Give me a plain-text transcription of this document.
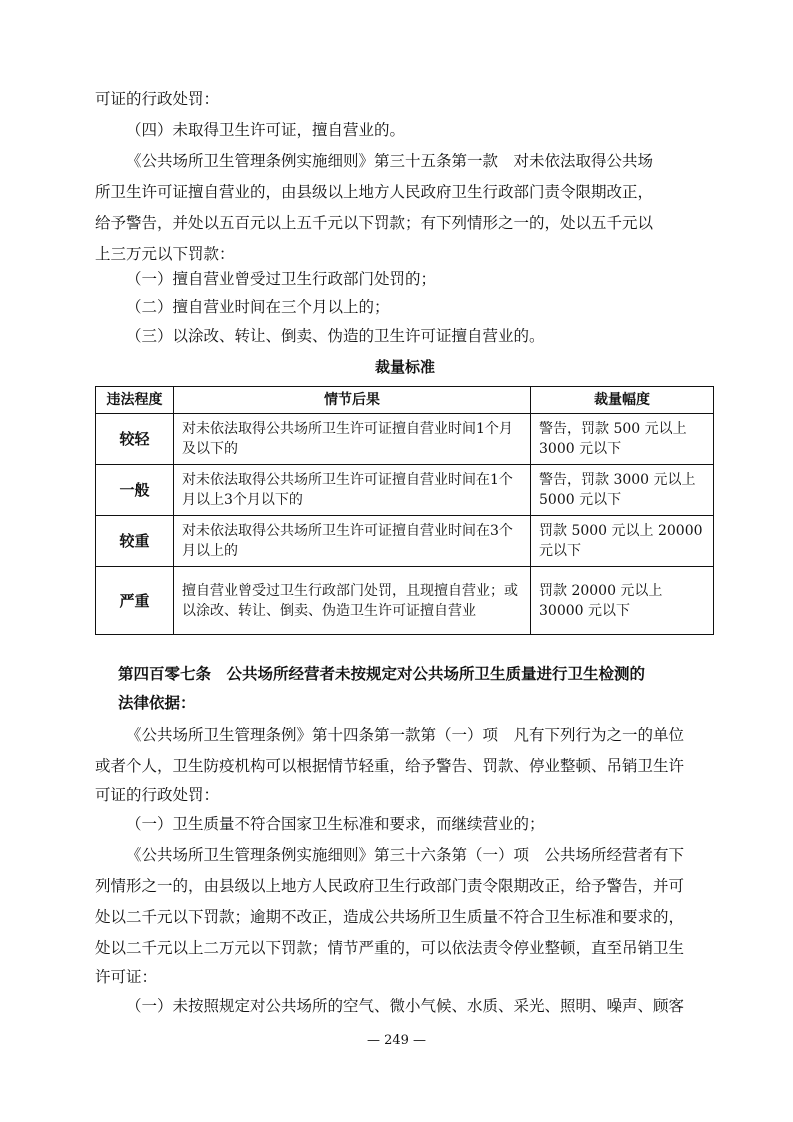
可证的行政处罚：
（四）未取得卫生许可证，擅自营业的。
《公共场所卫生管理条例实施细则》第三十五条第一款　对未依法取得公共场
所卫生许可证擅自营业的，由县级以上地方人民政府卫生行政部门责令限期改正，
给予警告，并处以五百元以上五千元以下罚款；有下列情形之一的，处以五千元以
上三万元以下罚款：
（一）擅自营业曾受过卫生行政部门处罚的；
（二）擅自营业时间在三个月以上的；
（三）以涂改、转让、倒卖、伪造的卫生许可证擅自营业的。
裁量标准
违法程度	情节后果	裁量幅度
较轻	对未依法取得公共场所卫生许可证擅自营业时间1个月及以下的	警告，罚款 500 元以上 3000 元以下
一般	对未依法取得公共场所卫生许可证擅自营业时间在1个月以上3个月以下的	警告，罚款 3000 元以上 5000 元以下
较重	对未依法取得公共场所卫生许可证擅自营业时间在3个月以上的	罚款 5000 元以上 20000 元以下
严重	擅自营业曾受过卫生行政部门处罚，且现擅自营业；或以涂改、转让、倒卖、伪造卫生许可证擅自营业	罚款 20000 元以上 30000 元以下
第四百零七条　公共场所经营者未按规定对公共场所卫生质量进行卫生检测的
法律依据：
《公共场所卫生管理条例》第十四条第一款第（一）项　凡有下列行为之一的单位
或者个人，卫生防疫机构可以根据情节轻重，给予警告、罚款、停业整顿、吊销卫生许
可证的行政处罚：
（一）卫生质量不符合国家卫生标准和要求，而继续营业的；
《公共场所卫生管理条例实施细则》第三十六条第（一）项　公共场所经营者有下
列情形之一的，由县级以上地方人民政府卫生行政部门责令限期改正，给予警告，并可
处以二千元以下罚款；逾期不改正，造成公共场所卫生质量不符合卫生标准和要求的，
处以二千元以上二万元以下罚款；情节严重的，可以依法责令停业整顿，直至吊销卫生
许可证：
（一）未按照规定对公共场所的空气、微小气候、水质、采光、照明、噪声、顾客
— 249 —
